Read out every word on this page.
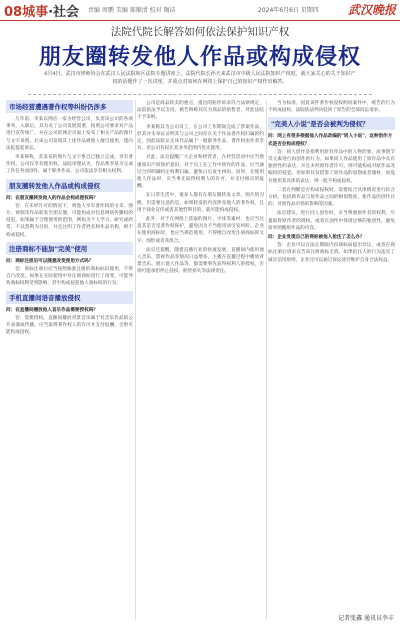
08城事·社会 责编 周鹏 美编 郝顺清 校对 陶洁	2024年6月6日 星期四 武汉晚报
法院代院长解答如何依法保护知识产权
朋友圈转发他人作品或构成侵权
6月4日，武汉市律师协会在武汉人民法院和区法院专题讲座上，法院代院长孙天来武汉市中级人民法院知识产权庭，就大家关心的关于知识产权的话题作了一次讲座，并重点对如何在网络上保护自己的知识产权作出解答。
市场经营遭遇著作权等纠纷仍涉多

几年前，李某以网店一家为经营公司，负责该公司的各项事务。入职后，其为贡了公司发展需要，按照公司要求对产品进行宣传推广，并在公司的网店页面上发布了相关产品的图片与文字说明。后该公司发现其上述作品被他人擅自使用，遂向法院提起诉讼。

李某辩称，其发布的图片与文字系自己独立完成，享有著作权，公司仅享有使用权。法院审理认为，作品系李某为完成工作任务而创作，属于职务作品，公司依法享有相关权利。

朋友圈转发他人作品或构成侵权

问：在朋友圈转发他人的作品会构成侵权吗？

答：在未经许可的情况下，将他人享有著作权的文章、图片、视频等作品转发至朋友圈，可能构成对信息网络传播权的侵犯。如果属于合理使用的范围，例如为个人学习、研究或欣赏，不以营利为目的，并且注明了作者姓名和作品名称，则不构成侵权。

注册商标不能加"完美"使用

问：商标注册后可以随意改变使用方式吗？

答：商标注册后应当按照核准注册的商标标识使用，不得自行改变。如果在实际使用中对注册商标进行了改变，可能导致商标权利受到影响，甚至构成侵犯他人商标权的行为。

手机直播间语音播放侵权

问：在直播间播放他人音乐作品需要授权吗？

答：需要授权。直播间播放背景音乐属于对音乐作品的公开表演或传播，应当取得著作权人的许可并支付报酬，否则可能构成侵权。

公司是商品转卖的重点，提出的赔偿诉求符合法律规定，法院依法予以支持。被告辩称其仅为商品的销售者，对此法院不予采纳。

李某称其为公司员工，在公司工作期间完成了涉案作品，但其并未举证证明其与公司之间存在关于作品著作权归属的约定，因此法院认定该作品属于一般职务作品，著作权由作者享有，但公司有权在其业务范围内优先使用。

对此，法官提醒广大企业和经营者，在经营活动中应当增强知识产权保护意识，对于员工在工作中创作的作品，应当通过合同明确约定权利归属，避免日后发生纠纷。同时，在使用他人作品时，应当事先取得权利人的许可，并支付相应的报酬。

在日常生活中，很多人都有在朋友圈转发文章、图片的习惯，但需要注意的是，如果转发的内容涉及他人的著作权，且用于商业宣传或者其他营利目的，就可能构成侵权。

此外，对于在网络上获取的图片、字体等素材，也应当注意其是否受著作权保护，避免因为不当使用而引发纠纷。企业在使用商标时，也应当规范使用，不得擅自改变注册商标的文字、图形或者其组合。

法官还提醒，随着直播行业的快速发展，直播间内使用他人音乐、影视作品等情况日益增多。主播在直播过程中播放背景音乐、展示他人作品等，都需要事先获得权利人的授权，否则可能承担停止侵权、赔偿损失等法律责任。

当为标准，因此该件著作权侵权纠纷案件中，被告的行为不构成侵权。法院依法判决驳回了原告的全部诉讼请求。

"完美人小说"是否会被判为侵权？

问：网上有很多根据他人作品改编的"同人小说"，这种创作方式是否会构成侵权？

答：同人创作是指利用原有作品中的人物形象、故事情节等元素进行再创作的行为。如果同人作品使用了原作品中具有独创性的表达，并且未经原作者许可，则可能构成对原作品改编权的侵犯。但如果仅仅借鉴了原作品的思想或者题材，而没有使用其具体的表达，则一般不构成侵权。

二者在判断是否构成侵权时，需要结合具体情况进行综合分析，包括新作品与原作品之间的相似程度、新作品的创作目的、对原作品市场的影响等因素。

法官建议，进行同人创作时，应当尊重原作者的权利，尽量取得原作者的授权，或者在创作中体现足够的独创性，避免简单照搬原作品的内容。

问：企业发现自己的商标被他人抢注了怎么办？

答：企业可以在法定期限内向商标局提出异议，或者在商标注册后请求宣告该注册商标无效。如果抢注人的行为违反了诚实信用原则，企业还可以通过诉讼途径维护自身合法权益。

记者张鑫 通讯员李丰
